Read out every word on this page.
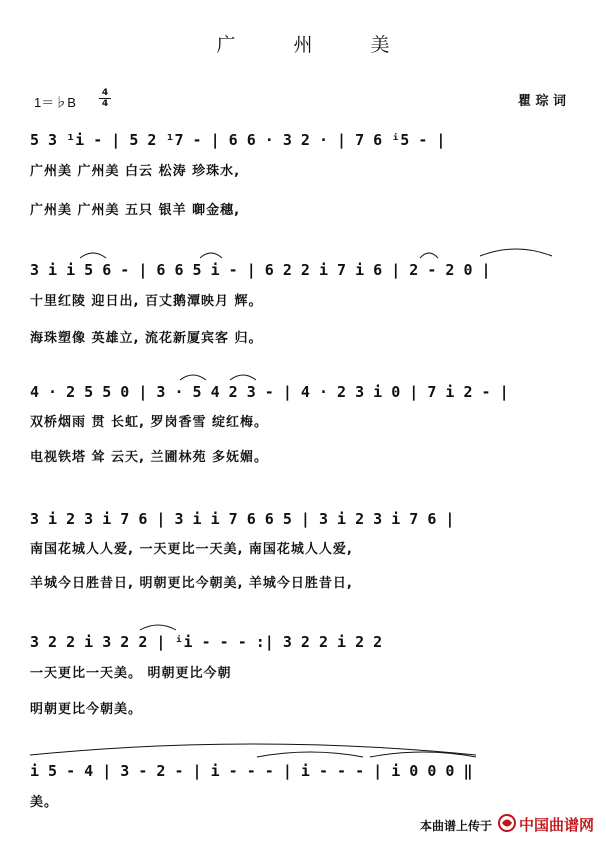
广 州 美
1＝♭B
4
4	瞿 琮 词
5 3 ¹i - | 5 2 ¹7 - | 6 6 · 3 2 · | 7 6 ⁱ5 - |
广州美 广州美 白云 松涛 珍珠水,
广州美 广州美 五只 银羊 啣金穗,
3 i i 5 6 - | 6 6 5 i - | 6 2 2 i 7 i 6 | 2 - 2 0 |
十里红陵 迎日出, 百丈鹅潭映月 辉。
海珠塑像 英雄立, 流花新厦宾客 归。
4 · 2 5 5 0 | 3 · 5 4 2 3 - | 4 · 2 3 i 0 | 7 i 2 - |
双桥烟雨 贯 长虹, 罗岗香雪 绽红梅。
电视铁塔 耸 云天, 兰圃林苑 多妩媚。
3 i 2 3 i 7 6 | 3 i i 7 6 6 5 | 3 i 2 3 i 7 6 |
南国花城人人爱, 一天更比一天美, 南国花城人人爱,
羊城今日胜昔日, 明朝更比今朝美, 羊城今日胜昔日,
3 2 2 i 3 2 2 | ⁱi - - - :| 3 2 2 i 2 2
一天更比一天美。 明朝更比今朝
明朝更比今朝美。
i 5 - 4 | 3 - 2 - | i - - - | i - - - | i 0 0 0 ‖
美。
本曲谱上传于 中国曲谱网
